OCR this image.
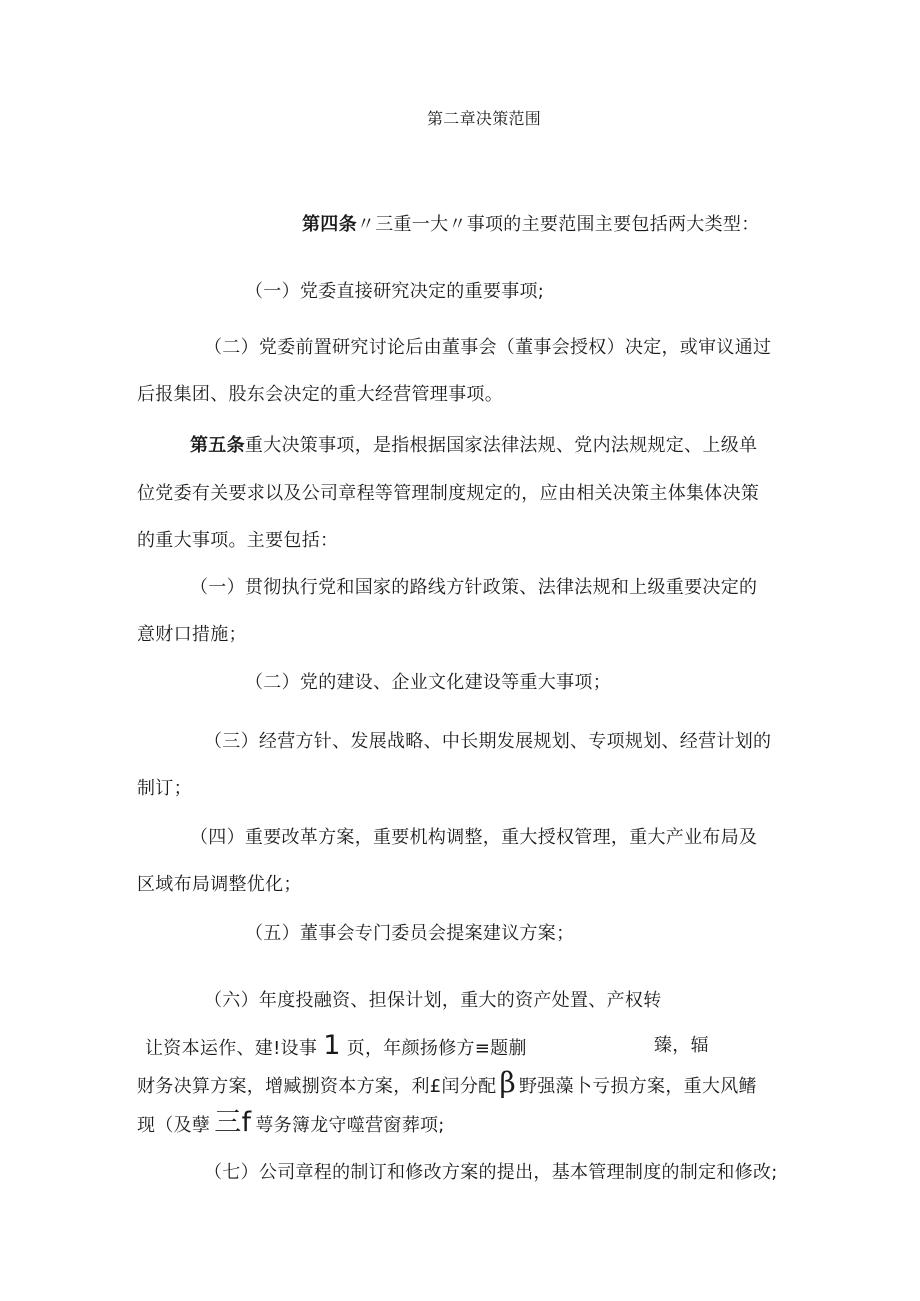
第二章决策范围
第四条〃三重一大〃事项的主要范围主要包括两大类型：
（一）党委直接研究决定的重要事项;
（二）党委前置研究讨论后由董事会（董事会授权）决定，或审议通过
后报集团、股东会决定的重大经营管理事项。
第五条重大决策事项，是指根据国家法律法规、党内法规规定、上级单
位党委有关要求以及公司章程等管理制度规定的，应由相关决策主体集体决策
的重大事项。主要包括：
（一）贯彻执行党和国家的路线方针政策、法律法规和上级重要决定的
意财口措施；
（二）党的建设、企业文化建设等重大事项；
（三）经营方针、发展战略、中长期发展规划、专项规划、经营计划的
制订；
（四）重要改革方案，重要机构调整，重大授权管理，重大产业布局及
区域布局调整优化；
（五）董事会专门委员会提案建议方案；
（六）年度投融资、担保计划，重大的资产处置、产权转
让资本运作、建!设事 1 页，年颜扬修方≡题蒯	臻，辐
财务决算方案，增臧捌资本方案，利£闰分配 β 野强藻卜亏损方案，重大风鳍
现（及孽 三f 萼务簿龙守噬营窗葬项;
（七）公司章程的制订和修改方案的提出，基本管理制度的制定和修改;
